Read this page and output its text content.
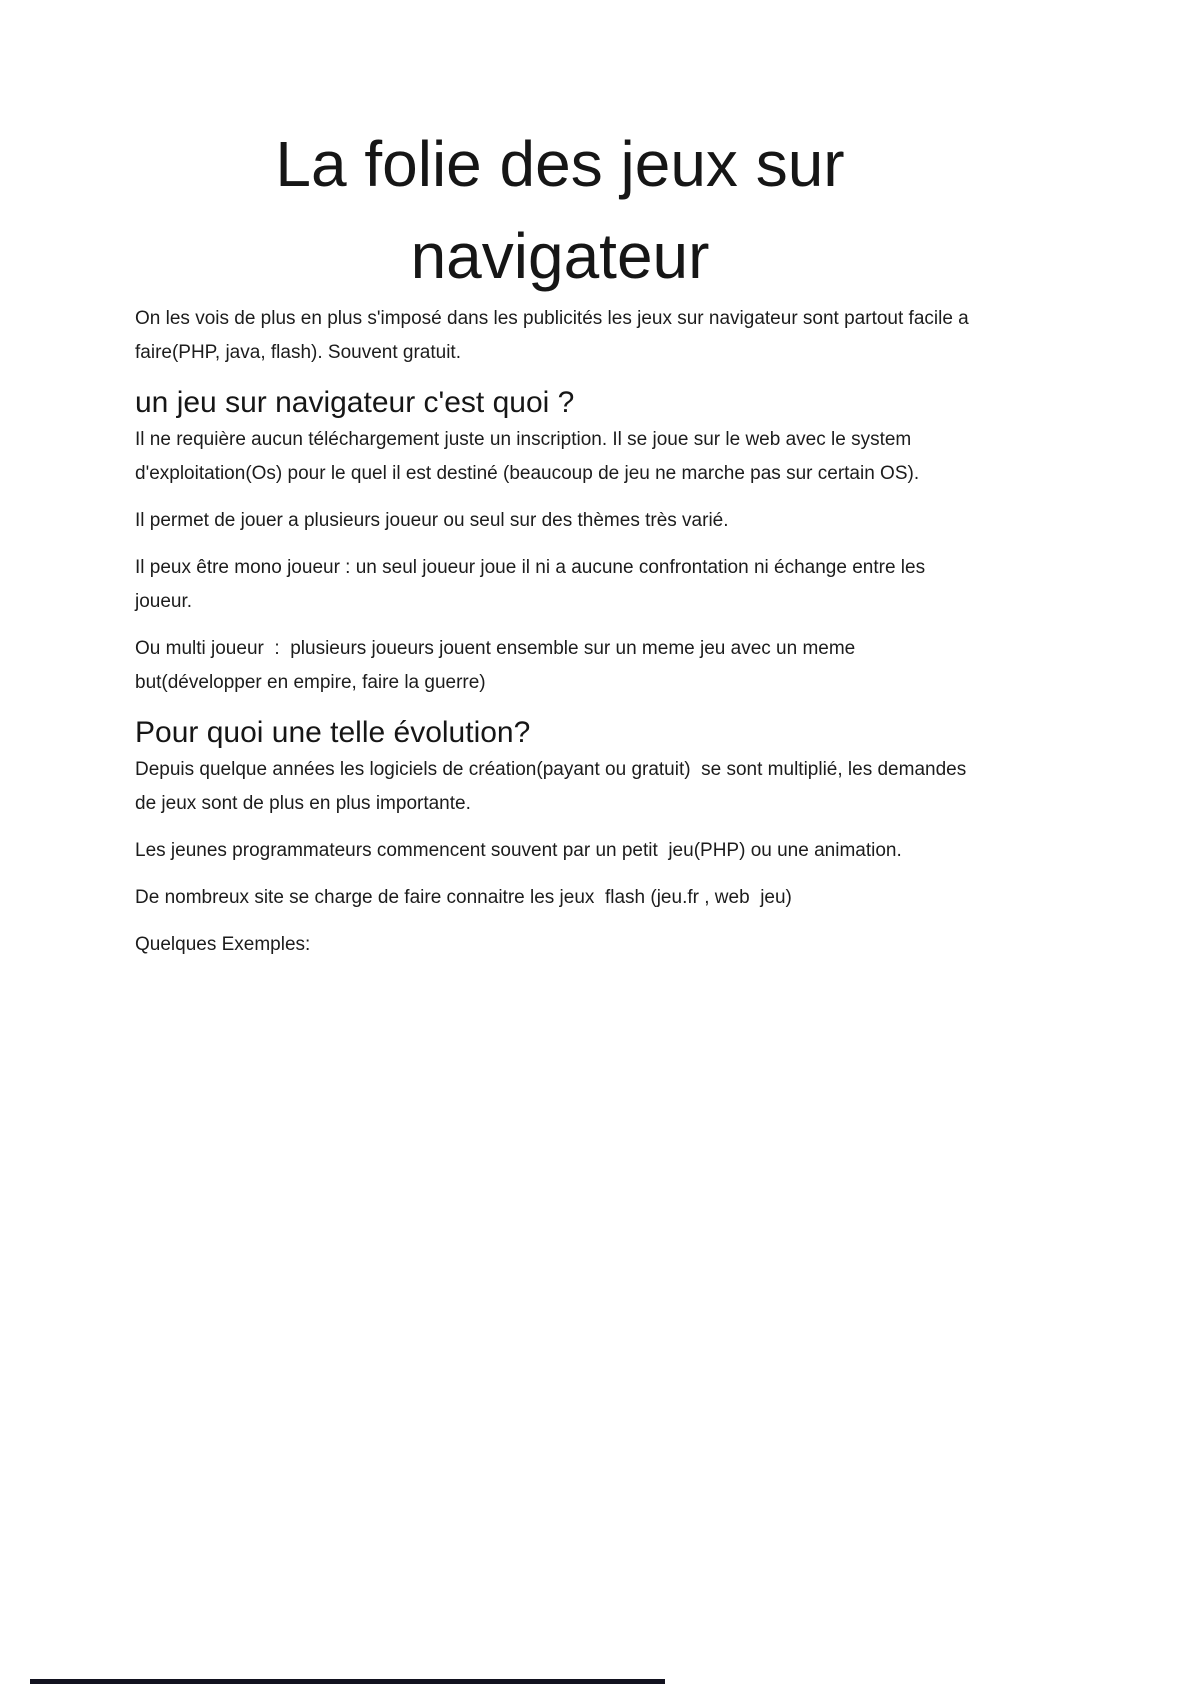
La folie des jeux sur navigateur

On les vois de plus en plus s'imposé dans les publicités les jeux sur navigateur sont partout facile a faire(PHP, java, flash). Souvent gratuit.

un jeu sur navigateur c'est quoi ?

Il ne requière aucun téléchargement juste un inscription. Il se joue sur le web avec le system d'exploitation(Os) pour le quel il est destiné (beaucoup de jeu ne marche pas sur certain OS).

Il permet de jouer a plusieurs joueur ou seul sur des thèmes très varié.

Il peux être mono joueur : un seul joueur joue il ni a aucune confrontation ni échange entre les joueur.

Ou multi joueur  :  plusieurs joueurs jouent ensemble sur un meme jeu avec un meme but(développer en empire, faire la guerre)

Pour quoi une telle évolution?

Depuis quelque années les logiciels de création(payant ou gratuit)  se sont multiplié, les demandes de jeux sont de plus en plus importante.

Les jeunes programmateurs commencent souvent par un petit  jeu(PHP) ou une animation.

De nombreux site se charge de faire connaitre les jeux  flash (jeu.fr , web  jeu)

Quelques Exemples:
